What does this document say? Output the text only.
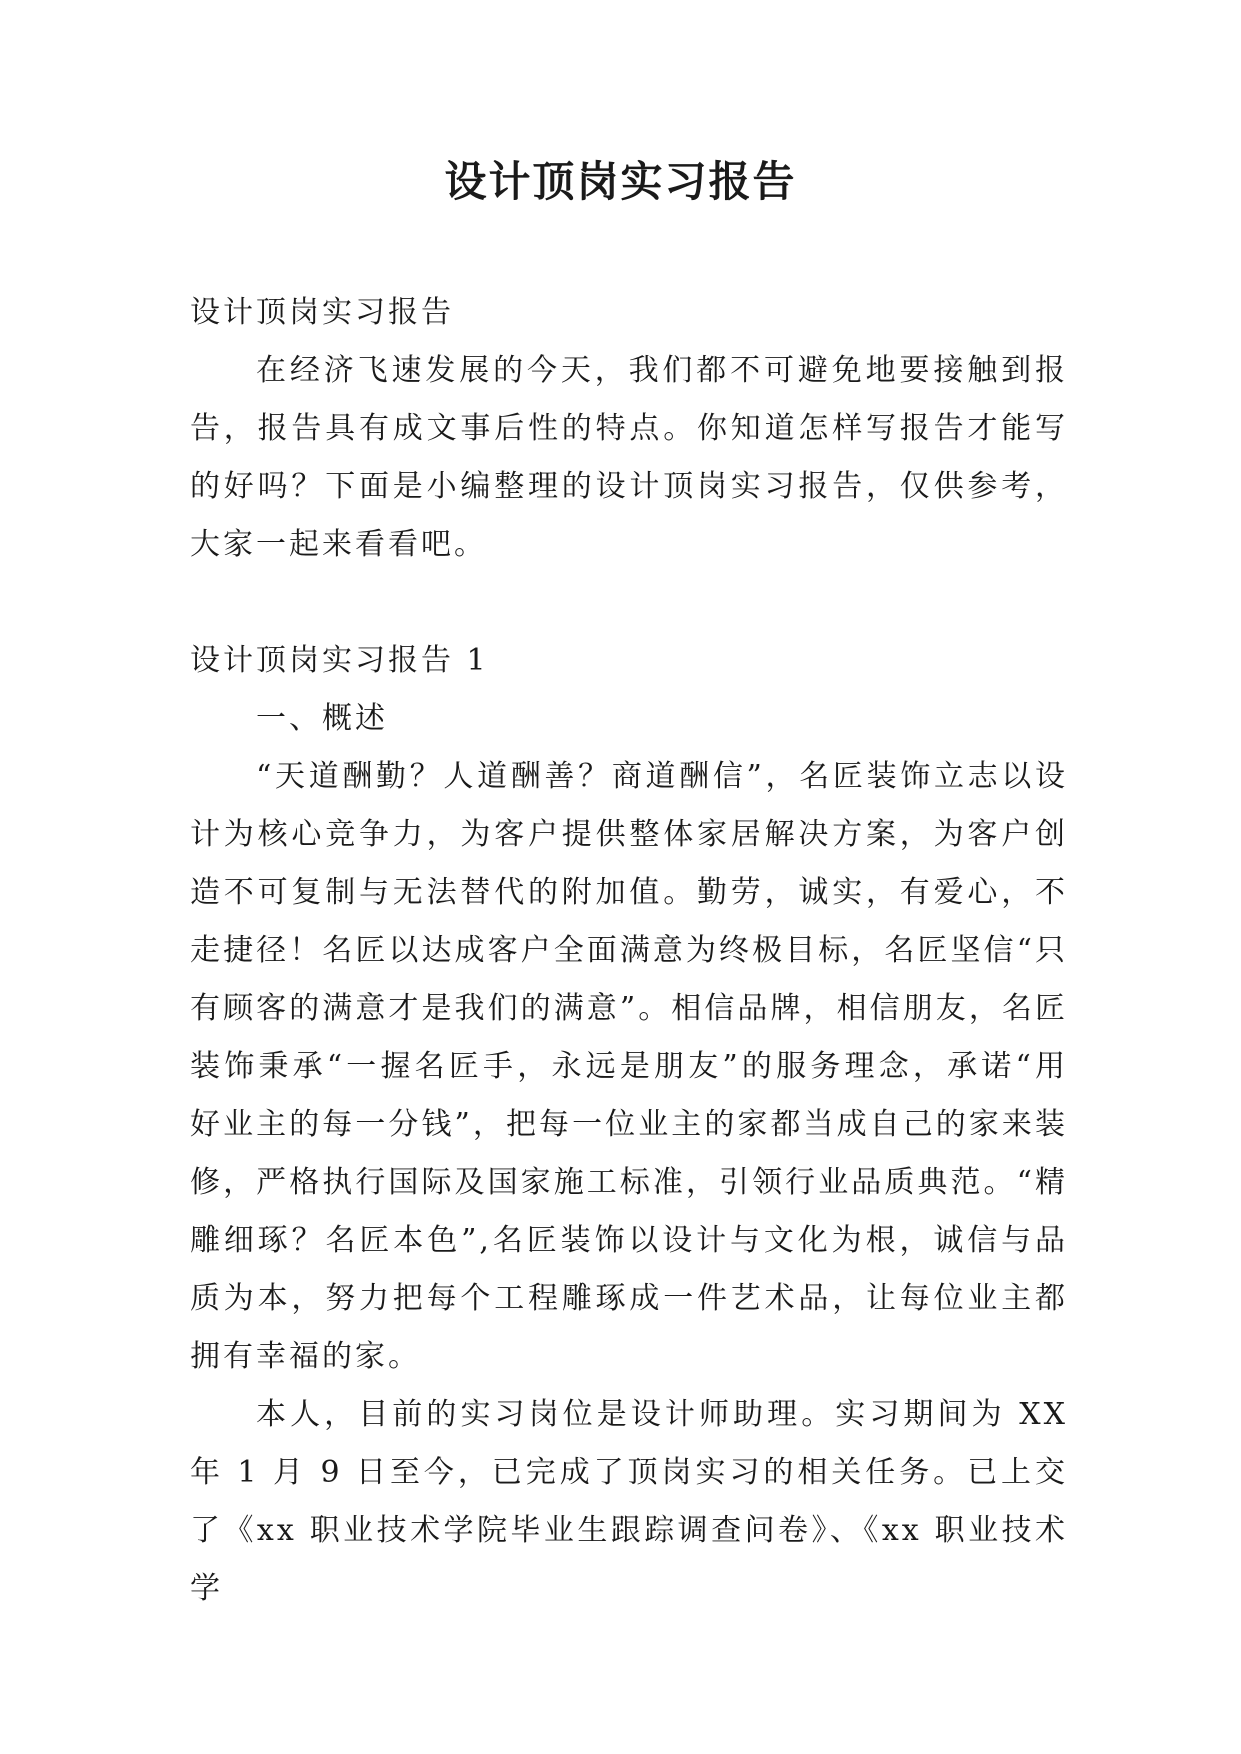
设计顶岗实习报告

设计顶岗实习报告

在经济飞速发展的今天，我们都不可避免地要接触到报告，报告具有成文事后性的特点。你知道怎样写报告才能写的好吗？下面是小编整理的设计顶岗实习报告，仅供参考，大家一起来看看吧。

设计顶岗实习报告 1

一、概述

“天道酬勤？人道酬善？商道酬信”，名匠装饰立志以设计为核心竞争力，为客户提供整体家居解决方案，为客户创造不可复制与无法替代的附加值。勤劳，诚实，有爱心，不走捷径！名匠以达成客户全面满意为终极目标，名匠坚信“只有顾客的满意才是我们的满意”。相信品牌，相信朋友，名匠装饰秉承“一握名匠手，永远是朋友”的服务理念，承诺“用好业主的每一分钱”，把每一位业主的家都当成自己的家来装修，严格执行国际及国家施工标准，引领行业品质典范。“精雕细琢？名匠本色”,名匠装饰以设计与文化为根，诚信与品质为本，努力把每个工程雕琢成一件艺术品，让每位业主都拥有幸福的家。

本人，目前的实习岗位是设计师助理。实习期间为 XX 年 1 月 9 日至今，已完成了顶岗实习的相关任务。已上交了《xx 职业技术学院毕业生跟踪调查问卷》、《xx 职业技术学
